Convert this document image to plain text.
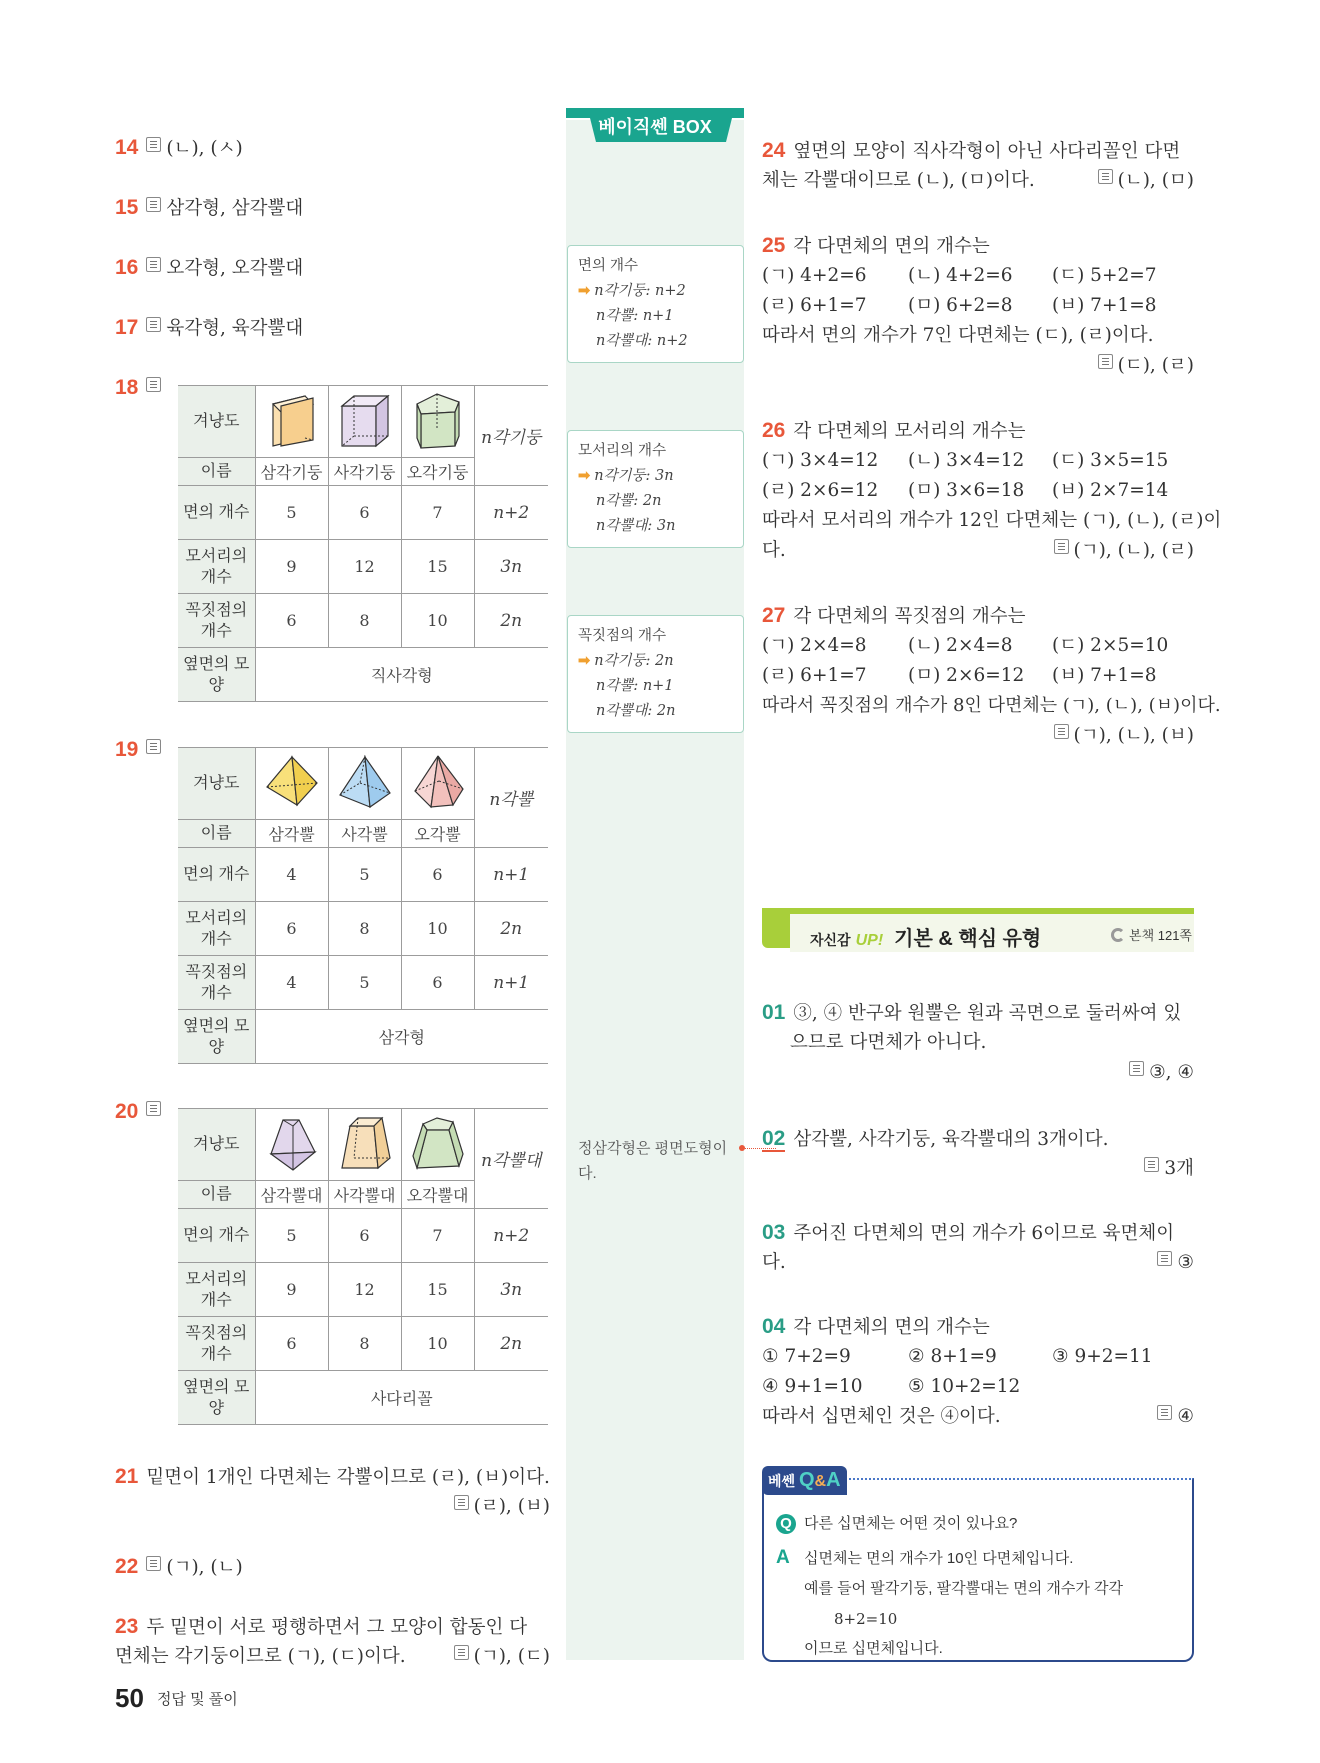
14 (ㄴ), (ㅅ)
15 삼각형, 삼각뿔대
16 오각형, 오각뿔대
17 육각형, 육각뿔대
18
겨냥도				n각기둥
이름	삼각기둥	사각기둥	오각기둥	
면의 개수	5	6	7	n+2
모서리의 개수	9	12	15	3n
꼭짓점의 개수	6	8	10	2n
옆면의 모양	직사각형			
19
겨냥도				n각뿔
이름	삼각뿔	사각뿔	오각뿔	
면의 개수	4	5	6	n+1
모서리의 개수	6	8	10	2n
꼭짓점의 개수	4	5	6	n+1
옆면의 모양	삼각형			
20
겨냥도				n각뿔대
이름	삼각뿔대	사각뿔대	오각뿔대	
면의 개수	5	6	7	n+2
모서리의 개수	9	12	15	3n
꼭짓점의 개수	6	8	10	2n
옆면의 모양	사다리꼴			
21 밑면이 1개인 다면체는 각뿔이므로 (ㄹ), (ㅂ)이다.
(ㄹ), (ㅂ)
22 (ㄱ), (ㄴ)
23 두 밑면이 서로 평행하면서 그 모양이 합동인 다
면체는 각기둥이므로 (ㄱ), (ㄷ)이다.	(ㄱ), (ㄷ)
베이직쎈 BOX
면의 개수
➡ n각기둥: n+2
n각뿔: n+1
n각뿔대: n+2
모서리의 개수
➡ n각기둥: 3n
n각뿔: 2n
n각뿔대: 3n
꼭짓점의 개수
➡ n각기둥: 2n
n각뿔: n+1
n각뿔대: 2n
정삼각형은 평면도형이
다.
24 옆면의 모양이 직사각형이 아닌 사다리꼴인 다면
체는 각뿔대이므로 (ㄴ), (ㅁ)이다.	(ㄴ), (ㅁ)
25 각 다면체의 면의 개수는
(ㄱ) 4+2=6 (ㄴ) 4+2=6 (ㄷ) 5+2=7
(ㄹ) 6+1=7 (ㅁ) 6+2=8 (ㅂ) 7+1=8
따라서 면의 개수가 7인 다면체는 (ㄷ), (ㄹ)이다.
(ㄷ), (ㄹ)
26 각 다면체의 모서리의 개수는
(ㄱ) 3×4=12 (ㄴ) 3×4=12 (ㄷ) 3×5=15
(ㄹ) 2×6=12 (ㅁ) 3×6=18 (ㅂ) 2×7=14
따라서 모서리의 개수가 12인 다면체는 (ㄱ), (ㄴ), (ㄹ)이
다.	(ㄱ), (ㄴ), (ㄹ)
27 각 다면체의 꼭짓점의 개수는
(ㄱ) 2×4=8 (ㄴ) 2×4=8 (ㄷ) 2×5=10
(ㄹ) 6+1=7 (ㅁ) 2×6=12 (ㅂ) 7+1=8
따라서 꼭짓점의 개수가 8인 다면체는 (ㄱ), (ㄴ), (ㅂ)이다.
(ㄱ), (ㄴ), (ㅂ)
자신감 UP! 기본 & 핵심 유형	본책 121쪽
01 ③, ④ 반구와 원뿔은 원과 곡면으로 둘러싸여 있
으므로 다면체가 아니다.
③, ④
02 삼각뿔, 사각기둥, 육각뿔대의 3개이다.
3개
03 주어진 다면체의 면의 개수가 6이므로 육면체이
다.	③
04 각 다면체의 면의 개수는
① 7+2=9	② 8+1=9	③ 9+2=11
④ 9+1=10 ⑤ 10+2=12
따라서 십면체인 것은 ④이다.	④
베쎈 Q&A
Q 다른 십면체는 어떤 것이 있나요?
A 십면체는 면의 개수가 10인 다면체입니다.
예를 들어 팔각기둥, 팔각뿔대는 면의 개수가 각각
8+2=10
이므로 십면체입니다.
50 정답 및 풀이
